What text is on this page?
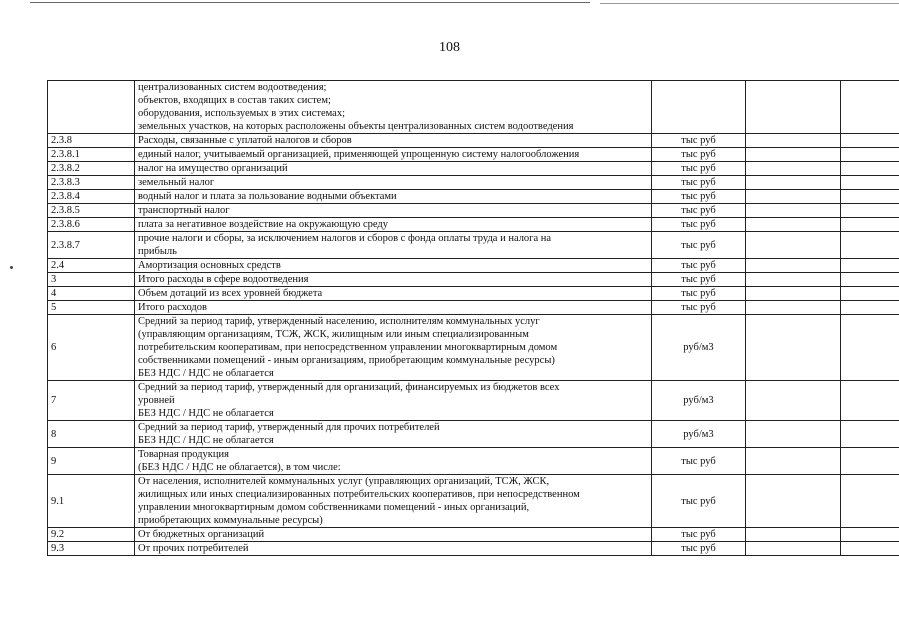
108

	централизованных систем водоотведения;
объектов, входящих в состав таких систем;
оборудования, используемых в этих системах;
земельных участков, на которых расположены объекты централизованных систем водоотведения			

2.3.8	Расходы, связанные с уплатой налогов и сборов	тыс руб		
2.3.8.1	единый налог, учитываемый организацией, применяющей упрощенную систему налогообложения	тыс руб		
2.3.8.2	налог на имущество организаций	тыс руб		
2.3.8.3	земельный налог	тыс руб		
2.3.8.4	водный налог и плата за пользование водными объектами	тыс руб		
2.3.8.5	транспортный налог	тыс руб		
2.3.8.6	плата за негативное воздействие на окружающую среду	тыс руб		
2.3.8.7	прочие налоги и сборы, за исключением налогов и сборов с фонда оплаты труда и налога на
прибыль	тыс руб		
2.4	Амортизация основных средств	тыс руб		
3	Итого расходы в сфере водоотведения	тыс руб		
4	Объем дотаций из всех уровней бюджета	тыс руб		
5	Итого расходов	тыс руб		
6	Средний за период тариф, утвержденный населению, исполнителям коммунальных услуг
(управляющим организациям, ТСЖ, ЖСК, жилищным или иным специализированным
потребительским кооперативам, при непосредственном управлении многоквартирным домом
собственниками помещений - иным организациям, приобретающим коммунальные ресурсы)
БЕЗ НДС / НДС не облагается	руб/м3		
7	Средний за период тариф, утвержденный для организаций, финансируемых из бюджетов всех
уровней
БЕЗ НДС / НДС не облагается	руб/м3		
8	Средний за период тариф, утвержденный для прочих потребителей
БЕЗ НДС / НДС не облагается	руб/м3		
9	Товарная продукция
(БЕЗ НДС / НДС не облагается), в том числе:	тыс руб		
9.1	От населения, исполнителей коммунальных услуг (управляющих организаций, ТСЖ, ЖСК,
жилищных или иных специализированных потребительских кооперативов, при непосредственном
управлении многоквартирным домом собственниками помещений - иных организаций,
приобретающих коммунальные ресурсы)	тыс руб		
9.2	От бюджетных организаций	тыс руб		
9.3	От прочих потребителей	тыс руб		
